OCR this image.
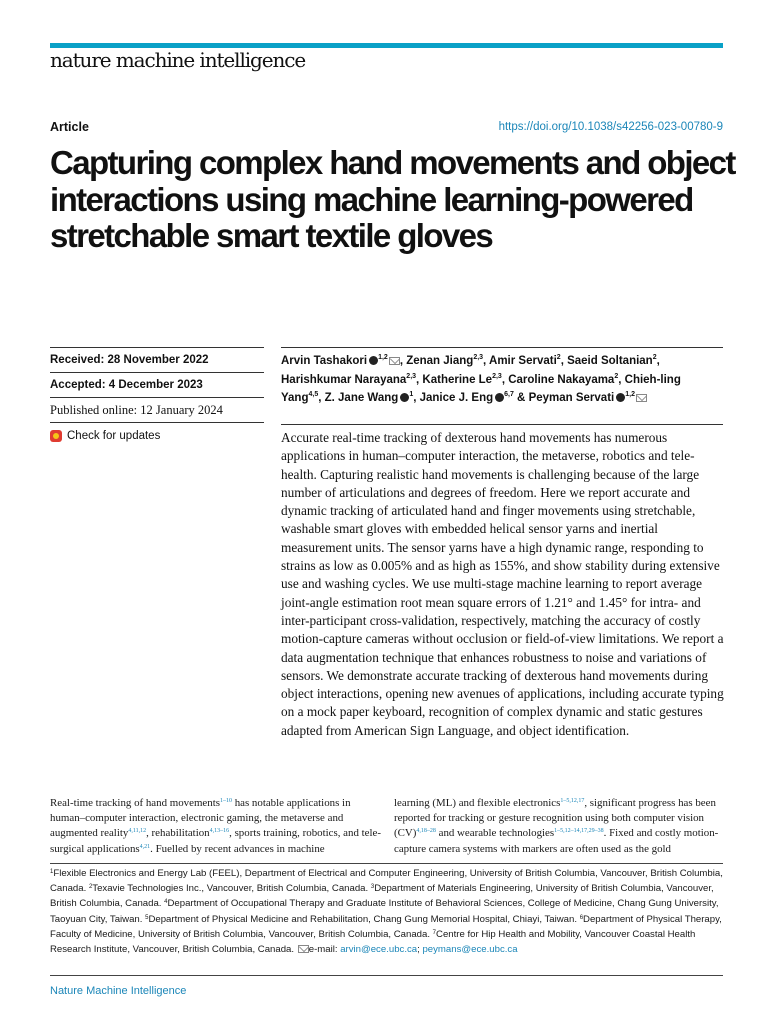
nature machine intelligence
Article	https://doi.org/10.1038/s42256-023-00780-9
Capturing complex hand movements and object interactions using machine learning-powered stretchable smart textile gloves
Received: 28 November 2022
Accepted: 4 December 2023
Published online: 12 January 2024
Check for updates
Arvin Tashakori $^{1,2}$ , Zenan Jiang$^{2,3}$, Amir Servati$^2$, Saeid Soltanian$^2$, Harishkumar Narayana$^{2,3}$, Katherine Le$^{2,3}$, Caroline Nakayama$^2$, Chieh-ling Yang$^{4,5}$, Z. Jane Wang $^1$, Janice J. Eng $^{6,7}$ & Peyman Servati $^{1,2}$

Accurate real-time tracking of dexterous hand movements has numerous applications in human–computer interaction, the metaverse, robotics and tele-health. Capturing realistic hand movements is challenging because of the large number of articulations and degrees of freedom. Here we report accurate and dynamic tracking of articulated hand and finger movements using stretchable, washable smart gloves with embedded helical sensor yarns and inertial measurement units. The sensor yarns have a high dynamic range, responding to strains as low as 0.005% and as high as 155%, and show stability during extensive use and washing cycles. We use multi-stage machine learning to report average joint-angle estimation root mean square errors of 1.21° and 1.45° for intra- and inter-participant cross-validation, respectively, matching the accuracy of costly motion-capture cameras without occlusion or field-of-view limitations. We report a data augmentation technique that enhances robustness to noise and variations of sensors. We demonstrate accurate tracking of dexterous hand movements during object interactions, opening new avenues of applications, including accurate typing on a mock paper keyboard, recognition of complex dynamic and static gestures adapted from American Sign Language, and object identification.

Real-time tracking of hand movements$^{1-10}$ has notable applications in human–computer interaction, electronic gaming, the metaverse and augmented reality$^{4,11,12}$, rehabilitation$^{4,13-16}$, sports training, robotics, and tele-surgical applications$^{4,21}$. Fuelled by recent advances in machine

learning (ML) and flexible electronics$^{1-5,12,17}$, significant progress has been reported for tracking or gesture recognition using both computer vision (CV)$^{4,18-28}$ and wearable technologies$^{1-5,12-14,17,29-38}$. Fixed and costly motion-capture camera systems with markers are often used as the gold

$^1$Flexible Electronics and Energy Lab (FEEL), Department of Electrical and Computer Engineering, University of British Columbia, Vancouver, British Columbia, Canada. $^2$Texavie Technologies Inc., Vancouver, British Columbia, Canada. $^3$Department of Materials Engineering, University of British Columbia, Vancouver, British Columbia, Canada. $^4$Department of Occupational Therapy and Graduate Institute of Behavioral Sciences, College of Medicine, Chang Gung University, Taoyuan City, Taiwan. $^5$Department of Physical Medicine and Rehabilitation, Chang Gung Memorial Hospital, Chiayi, Taiwan. $^6$Department of Physical Therapy, Faculty of Medicine, University of British Columbia, Vancouver, British Columbia, Canada. $^7$Centre for Hip Health and Mobility, Vancouver Coastal Health Research Institute, Vancouver, British Columbia, Canada. e-mail: arvin@ece.ubc.ca; peymans@ece.ubc.ca

Nature Machine Intelligence
